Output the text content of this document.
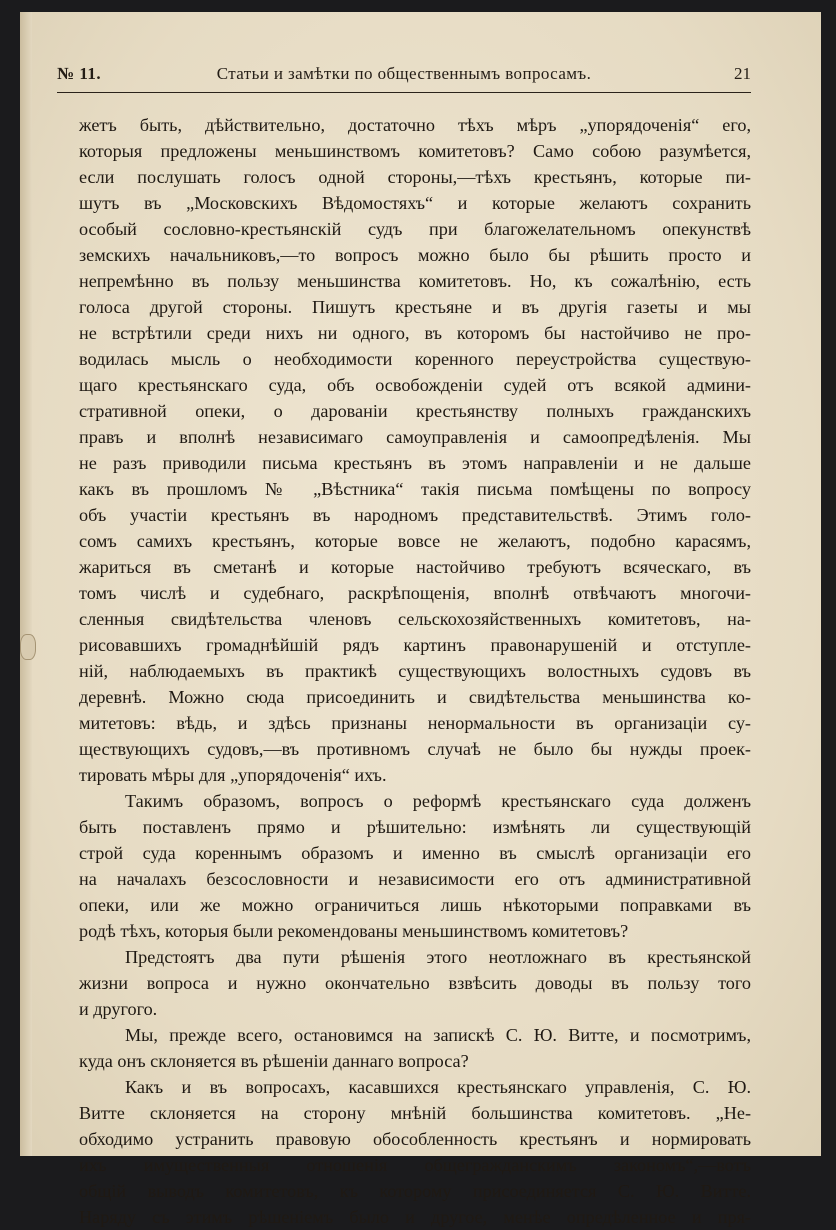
№ 11.	Статьи и замѣтки по общественнымъ вопросамъ.	21
жетъ быть, дѣйствительно, достаточно тѣхъ мѣръ „упорядоченія“ его,
которыя предложены меньшинствомъ комитетовъ? Само собою разумѣется,
если послушать голосъ одной стороны,—тѣхъ крестьянъ, которые пи-
шутъ въ „Московскихъ Вѣдомостяхъ“ и которые желаютъ сохранить
особый сословно-крестьянскій судъ при благожелательномъ опекунствѣ
земскихъ начальниковъ,—то вопросъ можно было бы рѣшить просто и
непремѣнно въ пользу меньшинства комитетовъ. Но, къ сожалѣнію, есть
голоса другой стороны. Пишутъ крестьяне и въ другія газеты и мы
не встрѣтили среди нихъ ни одного, въ которомъ бы настойчиво не про-
водилась мысль о необходимости коренного переустройства существую-
щаго крестьянскаго суда, объ освобожденіи судей отъ всякой админи-
стративной опеки, о дарованіи крестьянству полныхъ гражданскихъ
правъ и вполнѣ независимаго самоуправленія и самоопредѣленія. Мы
не разъ приводили письма крестьянъ въ этомъ направленіи и не дальше
какъ въ прошломъ № „Вѣстника“ такія письма помѣщены по вопросу
объ участіи крестьянъ въ народномъ представительствѣ. Этимъ голо-
сомъ самихъ крестьянъ, которые вовсе не желаютъ, подобно карасямъ,
жариться въ сметанѣ и которые настойчиво требуютъ всяческаго, въ
томъ числѣ и судебнаго, раскрѣпощенія, вполнѣ отвѣчаютъ многочи-
сленныя свидѣтельства членовъ сельскохозяйственныхъ комитетовъ, на-
рисовавшихъ громаднѣйшій рядъ картинъ правонарушеній и отступле-
ній, наблюдаемыхъ въ практикѣ существующихъ волостныхъ судовъ въ
деревнѣ. Можно сюда присоединить и свидѣтельства меньшинства ко-
митетовъ: вѣдь, и здѣсь признаны ненормальности въ организаціи су-
ществующихъ судовъ,—въ противномъ случаѣ не было бы нужды проек-
тировать мѣры для „упорядоченія“ ихъ.
Такимъ образомъ, вопросъ о реформѣ крестьянскаго суда долженъ
быть поставленъ прямо и рѣшительно: измѣнять ли существующій
строй суда кореннымъ образомъ и именно въ смыслѣ организаціи его
на началахъ безсословности и независимости его отъ административной
опеки, или же можно ограничиться лишь нѣкоторыми поправками въ
родѣ тѣхъ, которыя были рекомендованы меньшинствомъ комитетовъ?
Предстоятъ два пути рѣшенія этого неотложнаго въ крестьянской
жизни вопроса и нужно окончательно взвѣсить доводы въ пользу того
и другого.
Мы, прежде всего, остановимся на запискѣ С. Ю. Витте, и посмотримъ,
куда онъ склоняется въ рѣшеніи даннаго вопроса?
Какъ и въ вопросахъ, касавшихся крестьянскаго управленія, С. Ю.
Витте склоняется на сторону мнѣній большинства комитетовъ. „Не-
обходимо устранить правовую обособленность крестьянъ и нормировать
ихъ имущественныя отношенія общегражданскимъ закономъ“,—вотъ
общій выводъ комитетовъ, къ которому присоединяется С. Ю. Витте.
Наряду съ этимъ рѣшеніемъ было и другое, менѣе опредѣленное и пря-
